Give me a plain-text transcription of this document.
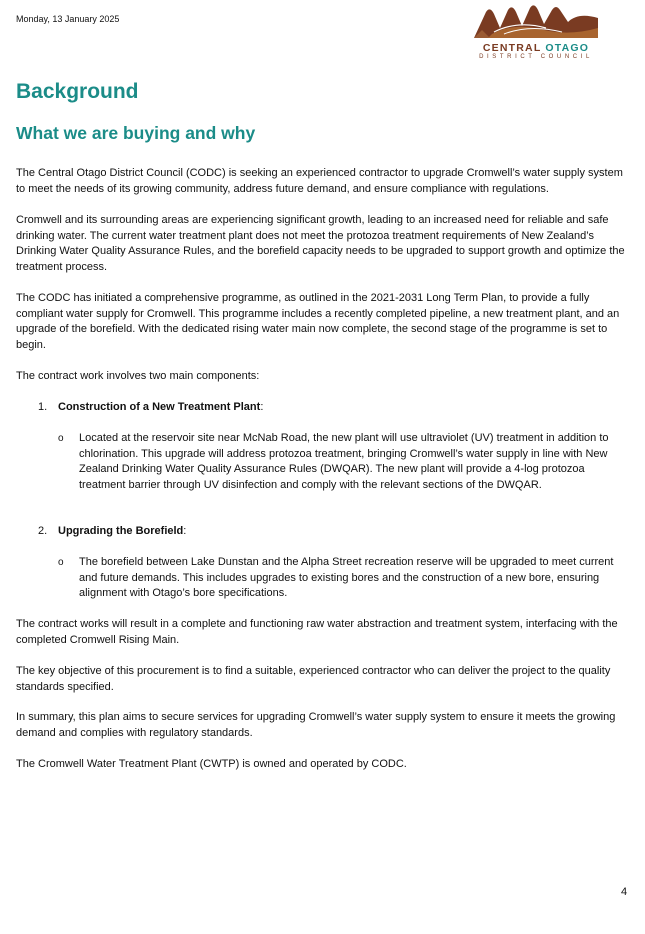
Monday, 13 January 2025
CENTRAL OTAGO
DISTRICT COUNCIL
Background
What we are buying and why

The Central Otago District Council (CODC) is seeking an experienced contractor to upgrade Cromwell’s water supply system to meet the needs of its growing community, address future demand, and ensure compliance with regulations.

Cromwell and its surrounding areas are experiencing significant growth, leading to an increased need for reliable and safe drinking water. The current water treatment plant does not meet the protozoa treatment requirements of New Zealand’s Drinking Water Quality Assurance Rules, and the borefield capacity needs to be upgraded to support growth and optimize the treatment process.

The CODC has initiated a comprehensive programme, as outlined in the 2021-2031 Long Term Plan, to provide a fully compliant water supply for Cromwell. This programme includes a recently completed pipeline, a new treatment plant, and an upgrade of the borefield. With the dedicated rising water main now complete, the second stage of the programme is set to begin.

The contract work involves two main components:

1. Construction of a New Treatment Plant:
o Located at the reservoir site near McNab Road, the new plant will use ultraviolet (UV) treatment in addition to chlorination. This upgrade will address protozoa treatment, bringing Cromwell’s water supply in line with New Zealand Drinking Water Quality Assurance Rules (DWQAR). The new plant will provide a 4-log protozoa treatment barrier through UV disinfection and comply with the relevant sections of the DWQAR.

2. Upgrading the Borefield:
o The borefield between Lake Dunstan and the Alpha Street recreation reserve will be upgraded to meet current and future demands. This includes upgrades to existing bores and the construction of a new bore, ensuring alignment with Otago’s bore specifications.

The contract works will result in a complete and functioning raw water abstraction and treatment system, interfacing with the completed Cromwell Rising Main.

The key objective of this procurement is to find a suitable, experienced contractor who can deliver the project to the quality standards specified.

In summary, this plan aims to secure services for upgrading Cromwell’s water supply system to ensure it meets the growing demand and complies with regulatory standards.

The Cromwell Water Treatment Plant (CWTP) is owned and operated by CODC.

4
